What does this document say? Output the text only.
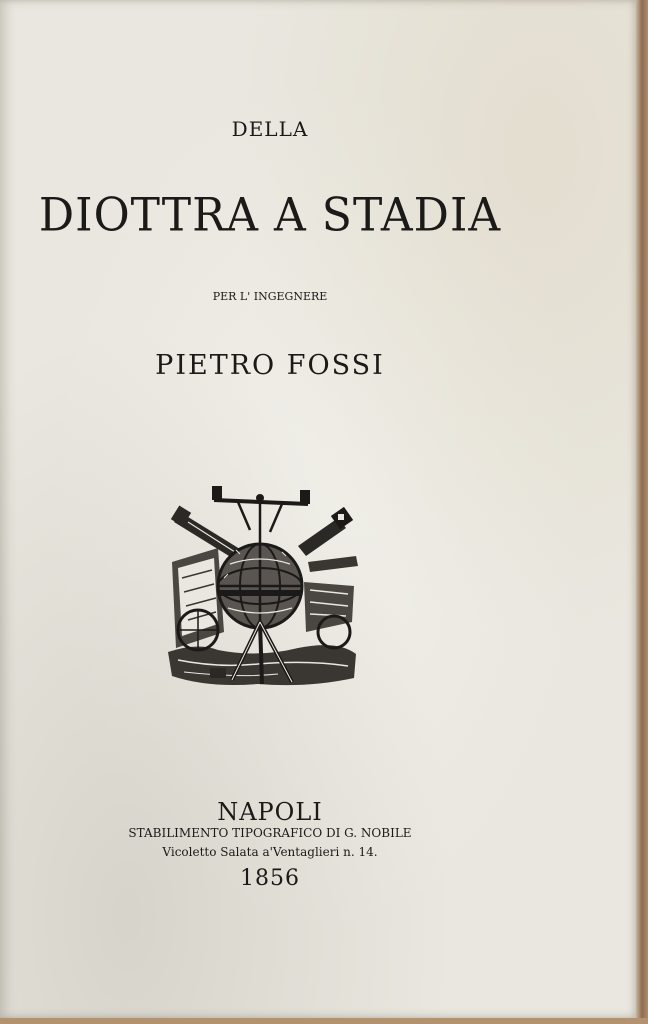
DELLA
DIOTTRA A STADIA
PER L' INGEGNERE
PIETRO FOSSI
NAPOLI
STABILIMENTO TIPOGRAFICO DI G. NOBILE
Vicoletto Salata a'Ventaglieri n. 14.
1856
